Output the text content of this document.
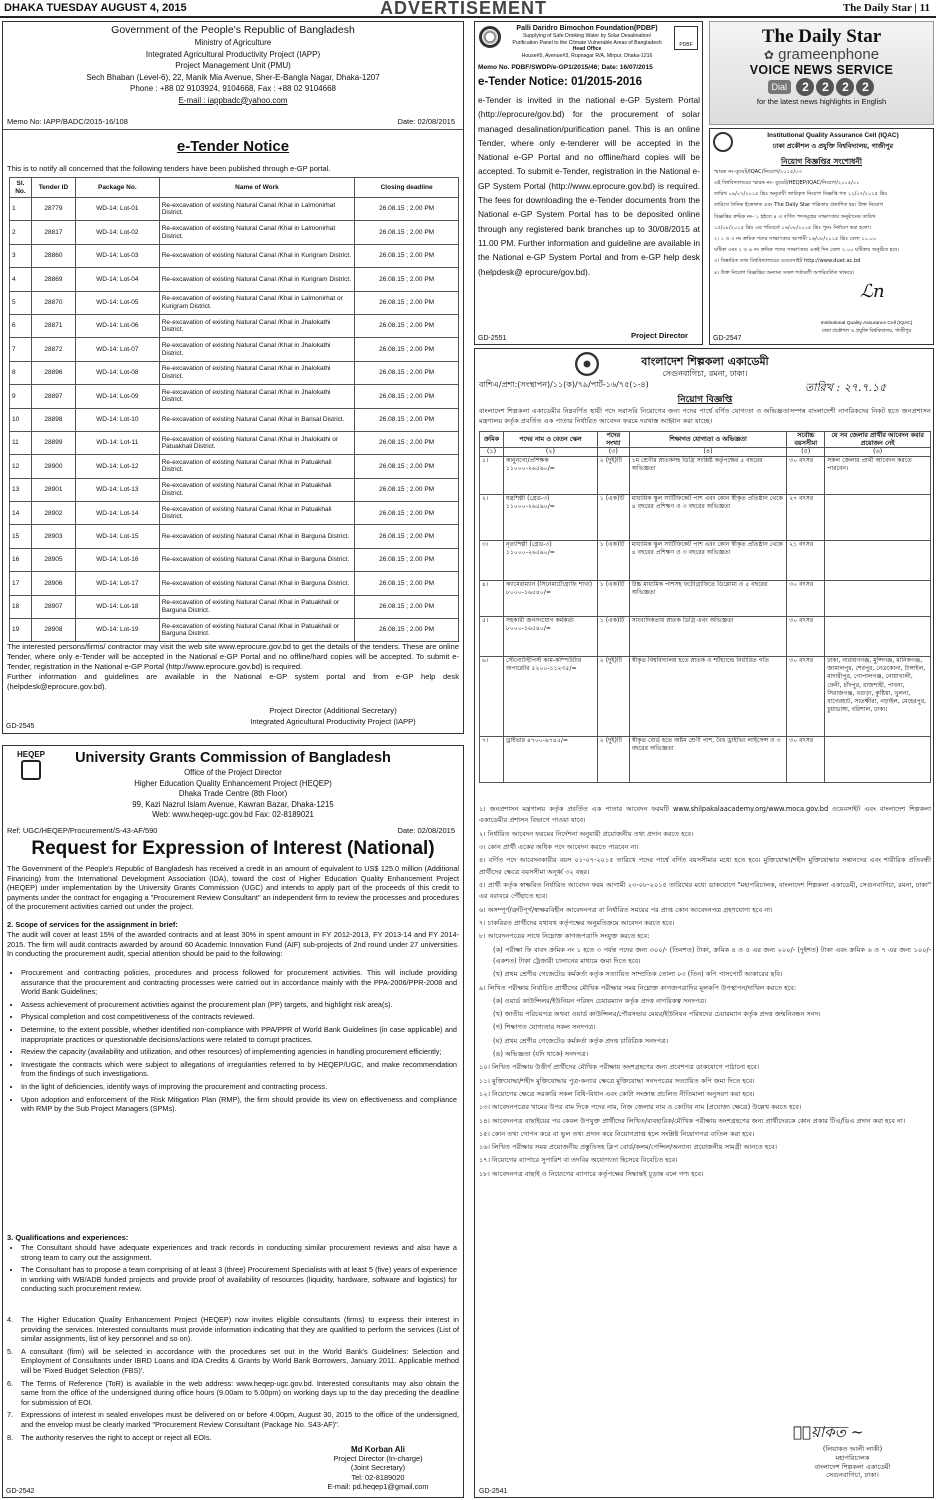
DHAKA TUESDAY AUGUST 4, 2015	ADVERTISEMENT	The Daily Star | 11
Government of the People's Republic of Bangladesh
Ministry of Agriculture
Integrated Agricultural Productivity Project (IAPP)
Project Management Unit (PMU)
Sech Bhaban (Level-6), 22, Manik Mia Avenue, Sher-E-Bangla Nagar, Dhaka-1207
Phone : +88 02 9103924, 9104668, Fax : +88 02 9104668
E-mail : iappbadc@yahoo.com
Memo No: IAPP/BADC/2015-16/108	Date: 02/08/2015
e-Tender Notice
This is to notify all concerned that the following tenders have been published through e-GP portal.
Sl. No.	Tender ID	Package No.	Name of Work	Closing deadline
1	28779	WD-14: Lot-01	Re-excavation of existing Natural Canal /Khal in Lalmonirhat District.	26.08.15 ; 2.00 PM
2	28817	WD-14: Lot-02	Re-excavation of existing Natural Canal /Khal in Lalmonirhat District.	26.08.15 ; 2.00 PM
3	28860	WD-14: Lot-03	Re-excavation of existing Natural Canal /Khal in Kurigram District.	26.08.15 ; 2.00 PM
4	28869	WD-14: Lot-04	Re-excavation of existing Natural Canal /Khal in Kurigram District.	26.08.15 ; 2.00 PM
5	28870	WD-14: Lot-05	Re-excavation of existing Natural Canal /Khal in Lalmonirhat or Kurigram District.	26.08.15 ; 2.00 PM
6	28871	WD-14: Lot-06	Re-excavation of existing Natural Canal /Khal in Jhalokathi District.	26.08.15 ; 2.00 PM
7	28872	WD-14: Lot-07	Re-excavation of existing Natural Canal /Khal in Jhalokathi District.	26.08.15 ; 2.00 PM
8	28896	WD-14: Lot-08	Re-excavation of existing Natural Canal /Khal in Jhalokathi District.	26.08.15 ; 2.00 PM
9	28897	WD-14: Lot-09	Re-excavation of existing Natural Canal /Khal in Jhalokathi District.	26.08.15 ; 2.00 PM
10	28898	WD-14: Lot-10	Re-excavation of existing Natural Canal /Khal in Barisal District.	26.08.15 ; 2.00 PM
11	28899	WD-14: Lot-11	Re-excavation of existing Natural Canal /Khal in Jhalokathi or Patuakhali District.	26.08.15 ; 2.00 PM
12	28900	WD-14: Lot-12	Re-excavation of existing Natural Canal /Khal in Patuakhali District.	26.08.15 ; 2.00 PM
13	28901	WD-14: Lot-13	Re-excavation of existing Natural Canal /Khal in Patuakhali District.	26.08.15 ; 2.00 PM
14	28902	WD-14: Lot-14	Re-excavation of existing Natural Canal /Khal in Patuakhali District.	26.08.15 ; 2.00 PM
15	28903	WD-14: Lot-15	Re-excavation of existing Natural Canal /Khal in Barguna District.	26.08.15 ; 2.00 PM
16	28905	WD-14: Lot-16	Re-excavation of existing Natural Canal /Khal in Barguna District.	26.08.15 ; 2.00 PM
17	28906	WD-14: Lot-17	Re-excavation of existing Natural Canal /Khal in Barguna District.	26.08.15 ; 2.00 PM
18	28907	WD-14: Lot-18	Re-excavation of existing Natural Canal /Khal in Patuakhali or Barguna District.	26.08.15 ; 2.00 PM
19	28908	WD-14: Lot-19	Re-excavation of existing Natural Canal /Khal in Patuakhali or Barguna District.	26.08.15 ; 2.00 PM
The interested persons/firms/ contractor may visit the web site www.eprocure.gov.bd to get the details of the tenders. These are online Tender, where only e-Tender will be accepted in the National e-GP Portal and no offline/hard copies will be accepted. To submit e-Tender, registration in the National e-GP Portal (http://www.eprocure.gov.bd) is required.
Further information and guidelines are available in the National e-GP system portal and from e-GP help desk (helpdesk@eprocure.gov.bd).
Project Director (Additional Secretary)
Integrated Agricultural Productivity Project (IAPP)
GD-2545
Palli Daridro Bimochon Foundation(PDBF)
Supplying of Safe Drinking Water by Solar Desalination/
Purification Panel to the Climate Vulnerable Areas of Bangladesh
Head Office
House#5, Avenue#3, Rupnagar R/A, Mirpur, Dhaka-1216
PDBF
Memo No. PDBF/SWDP/e-GP1/2015/46; Date: 16/07/2015
e-Tender Notice: 01/2015-2016
e-Tender is invited in the national e-GP System Portal (http://eprocure/gov.bd) for the procurement of solar managed desalination/purification panel. This is an online Tender, where only e-tenderer will be accepted in the National e-GP Portal and no offline/hard copies will be accepted. To submit e-Tender, registration in the National e-GP System Portal (http://www.eprocure.gov.bd) is required. The fees for downloading the e-Tender documents from the National e-GP System Portal has to be deposited online through any registered bank branches up to 30/08/2015 at 11.00 PM. Further information and guideline are available in the National e-GP System Portal and from e-GP help desk (helpdesk@ eprocure/gov.bd).
GD-2551	Project Director
The Daily Star
✿ grameenphone
VOICE NEWS SERVICE
Dial 2 2 2 2
for the latest news highlights in English
Institutional Quality Assurance Cell (IQAC)
ঢাকা প্রকৌশল ও প্রযুক্তি বিশ্ববিদ্যালয়, গাজীপুর
নিয়োগ বিজ্ঞপ্তির সংশোধনী
স্মারক নং-ডুয়েট/IQAC/নিয়োগ/২০১৫/০৩
এই বিশ্ববিদ্যালয়ের স্মারক নং- ডুয়েট/HEQEP/IQAC/নিয়োগ/২০১৫/০১
তারিখ ০৯/০৭/২০১৫ খ্রিঃ অনুযায়ী জারিকৃত নিয়োগ বিজ্ঞপ্তি গত ১২/০৭/২০১৫ খ্রিঃ
তারিখে দৈনিক ইত্তেফাক এবং The Daily Star পত্রিকায় প্রকাশিত হয়। উক্ত নিয়োগ
বিজ্ঞপ্তির ক্রমিক নং- ১ হইতে ৪ এ বর্ণিত পদসমূহের সাক্ষাৎকার অনুষ্ঠানের তারিখ
১৫/০৮/২০১৫ খ্রিঃ এর পরিবর্তে ১৬/০৮/২০১৫ খ্রিঃ পুনঃ নির্ধারণ করা হলো।
২। ১ ও ৩ নং ক্রমিক পদের সাক্ষাৎকার আগামী ১৬/০৮/২০১৫ খ্রিঃ বেলা ১০.০০
ঘটিকা এবং ২ ও ৪ নং ক্রমিক পদের সাক্ষাৎকার একই দিন বেলা ২.০০ ঘটিকায় অনুষ্ঠিত হবে।
৩। বিস্তারিত তথ্য বিশ্ববিদ্যালয়ের ওয়েবসাইট http://www.duet.ac.bd
৪। উক্ত নিয়োগ বিজ্ঞপ্তির অন্যান্য সকল শর্তাবলী অপরিবর্তিত থাকবে।
ℒn
Institutional Quality Assurance Cell (IQAC)
ঢাকা প্রকৌশল ও প্রযুক্তি বিশ্ববিদ্যালয়, গাজীপুর
GD-2547
বাংলাদেশ শিল্পকলা একাডেমী
সেগুনবাগিচা, রমনা, ঢাকা।
বাশিএ/প্রশা:(সংস্থাপন)/১১(ক)/৭৯/পার্ট-১৬/৭৫(১-৪)	তারিখ : ২৭.৭.১৫
নিয়োগ বিজ্ঞপ্তি
বাংলাদেশ শিল্পকলা একাডেমীর নিম্নবর্ণিত স্থায়ী পদে সরাসরি নিয়োগের জন্য পদের পার্শ্বে বর্ণিত যোগ্যতা ও অভিজ্ঞতাসম্পন্ন বাংলাদেশী নাগরিকদের নিকট হতে জনপ্রশাসন মন্ত্রণালয় কর্তৃক প্রবর্তিত এক পাতার নির্ধারিত আবেদন ফরমে দরখাস্ত আহ্বান করা যাচ্ছে।
ক্রমিক	পদের নাম ও বেতন স্কেল	পদের সংখ্যা	শিক্ষাগত যোগ্যতা ও অভিজ্ঞতা	সর্বোচ্চ বয়সসীমা	যে সব জেলার প্রার্থীর আবেদন করার প্রয়োজন নেই
(১)	(২)	(৩)	(৪)	(৫)	(৬)
১।	কানুনগো/প্রশিক্ষক ১১০০০-২৬৫৯০/=	২ (দুই)টি	১ম শ্রেণীর স্নাতকসহ ডিগ্রি সংশ্লিষ্ট কর্তৃপক্ষের ৫ বছরের অভিজ্ঞতা	৩০ বৎসর	সকল জেলার প্রার্থী আবেদন করতে পারবেন।
২।	যন্ত্রশিল্পী (গ্রেড-৩) ১১০০০-২৬৫৯০/=	১ (এক)টি	মাধ্যমিক স্কুল সার্টিফিকেট পাশ এবং কোন স্বীকৃত প্রতিষ্ঠান থেকে ৪ বছরের প্রশিক্ষণ ও ৩ বছরের অভিজ্ঞতা	২৭ বৎসর	
৩।	নৃত্যশিল্পী (গ্রেড-৩) ১১০০০-২৬৫৯০/=	১ (এক)টি	মাধ্যমিক স্কুল সার্টিফিকেট পাশ এবং কোন স্বীকৃত প্রতিষ্ঠান থেকে ৪ বছরের প্রশিক্ষণ ও ৩ বছরের অভিজ্ঞতা	২১ বৎসর	
৪।	ক্যামেরাম্যান (সিনেমাটোগ্রাফি শাখা) ৮০০০-১৬৫৪০/=	১ (এক)টি	উচ্চ মাধ্যমিক পাশসহ ফটোগ্রাফিতে ডিপ্লোমা ও ৫ বছরের অভিজ্ঞতা	৩০ বৎসর	
৫।	সহকারী জনসংযোগ কর্মকর্তা ৮০০০-১৬৫৪০/=	১ (এক)টি	সাংবাদিকতায় স্নাতক ডিগ্রি এবং অভিজ্ঞতা	৩০ বৎসর	
৬।	স্টেনোটাইপিস্ট কাম-কম্পিউটার অপারেটর ৫২০০-১১২৩৫/=	২ (দুই)টি	স্বীকৃত বিশ্ববিদ্যালয় হতে স্নাতক ও শর্টহ্যান্ডে নির্ধারিত গতি	৩০ বৎসর	ঢাকা, নারায়ণগঞ্জ, মুন্সিগঞ্জ, মানিকগঞ্জ, জামালপুর, শেরপুর, নেত্রকোনা, টাঙ্গাইল, মাদারীপুর, গোপালগঞ্জ, নোয়াখালী, ফেনী, চাঁদপুর, রাজশাহী, পাবনা, সিরাজগঞ্জ, বগুড়া, কুষ্টিয়া, খুলনা, বাগেরহাট, সাতক্ষীরা, নড়াইল, মেহেরপুর, চুয়াডাঙ্গা, বরিশাল, ঢাকা।
৭।	ড্রাইভার ৪৭০০-৯৭৪৫/=	২ (দুই)টি	স্বীকৃত বোর্ড হতে অষ্টম শ্রেণী পাশ, বৈধ ড্রাইভিং লাইসেন্স ও ৩ বছরের অভিজ্ঞতা	৩০ বৎসর	
১। জনপ্রশাসন মন্ত্রণালয় কর্তৃক প্রবর্তিত এক পাতার আবেদন ফরমটি www.shilpakalaacademy.org/www.moca.gov.bd ওয়েবসাইট এবং বাংলাদেশ শিল্পকলা একাডেমীর প্রশাসন বিভাগে পাওয়া যাবে।
২। নির্ধারিত আবেদন ফরমের নির্দেশনা অনুযায়ী প্রয়োজনীয় তথ্য প্রদান করতে হবে।
৩। কোন প্রার্থী একের অধিক পদে আবেদন করতে পারবেন না।
৪। বর্ণিত পদে আবেদনকারীর বয়স ০১-০৭-২০১৫ তারিখে পদের পার্শ্বে বর্ণিত বয়সসীমার মধ্যে হতে হবে। মুক্তিযোদ্ধা/শহীদ মুক্তিযোদ্ধার সন্তানদের এবং শারীরিক প্রতিবন্ধী প্রার্থীদের ক্ষেত্রে বয়সসীমা অনূর্ধ্ব ৩২ বছর।
৫। প্রার্থী কর্তৃক স্বাক্ষরিত নির্ধারিত আবেদন ফরম আগামী ২৩-০৮-২০১৫ তারিখের মধ্যে ডাকযোগে "মহাপরিচালক, বাংলাদেশ শিল্পকলা একাডেমী, সেগুনবাগিচা, রমনা, ঢাকা" এর বরাবরে পৌঁছাতে হবে।
৬। অসম্পূর্ণ/ত্রুটিপূর্ণ/স্বাক্ষরবিহীন আবেদনপত্র বা নির্ধারিত সময়ের পর প্রাপ্ত কোন আবেদনপত্র গ্রহণযোগ্য হবে না।
৭। চাকরিরত প্রার্থীদের যথাযথ কর্তৃপক্ষের অনুমতিক্রমে আবেদন করতে হবে।
৮। আবেদনপত্রের সাথে নিম্নোক্ত কাগজপত্রাদি সংযুক্ত করতে হবে:
(ক) পরীক্ষা ফি বাবদ ক্রমিক নং ১ হতে ৩ পর্যন্ত পদের জন্য ৩০০/- (তিনশত) টাকা, ক্রমিক ৪ ও ৫ এর জন্য ২০০/- (দুইশত) টাকা এবং ক্রমিক ৬ ও ৭ এর জন্য ১০০/- (একশত) টাকা ট্রেজারী চালানের মাধ্যমে জমা দিতে হবে।
(খ) প্রথম শ্রেণীর গেজেটেড কর্মকর্তা কর্তৃক সত্যায়িত সাম্প্রতিক তোলা ০৩ (তিন) কপি পাসপোর্ট আকারের ছবি।
৯। লিখিত পরীক্ষায় নির্বাচিত প্রার্থীদের মৌখিক পরীক্ষার সময় নিম্নোক্ত কাগজপত্রাদির মূলকপি উপস্থাপন/দাখিল করতে হবে:
(ক) ওয়ার্ড কাউন্সিলর/ইউনিয়ন পরিষদ চেয়ারম্যান কর্তৃক প্রদত্ত নাগরিকত্ব সনদপত্র।
(খ) জাতীয় পরিচয়পত্র অথবা ওয়ার্ড কাউন্সিলর/পৌরসভার মেয়র/ইউনিয়ন পরিষদের চেয়ারম্যান কর্তৃক প্রদত্ত জন্মনিবন্ধন সনদ।
(গ) শিক্ষাগত যোগ্যতার সকল সনদপত্র।
(ঘ) প্রথম শ্রেণীর গেজেটেড কর্মকর্তা কর্তৃক প্রদত্ত চারিত্রিক সনদপত্র।
(ঙ) অভিজ্ঞতা (যদি থাকে) সনদপত্র।
১০। লিখিত পরীক্ষায় উত্তীর্ণ প্রার্থীদের মৌখিক পরীক্ষায় অংশগ্রহণের জন্য প্রবেশপত্র ডাকযোগে পাঠানো হবে।
১১। মুক্তিযোদ্ধা/শহীদ মুক্তিযোদ্ধার পুত্র-কন্যার ক্ষেত্রে মুক্তিযোদ্ধা সনদপত্রের সত্যায়িত কপি জমা দিতে হবে।
১২। নিয়োগের ক্ষেত্রে সরকারি সকল বিধি-বিধান এবং কোটা সংক্রান্ত প্রচলিত নীতিমালা অনুসরণ করা হবে।
১৩। আবেদনপত্রের খামের উপর বাম দিকে পদের নাম, নিজ জেলার নাম ও কোটার নাম (প্রযোজ্য ক্ষেত্রে) উল্লেখ করতে হবে।
১৪। আবেদনপত্র বাছাইয়ের পর কেবল উপযুক্ত প্রার্থীদের লিখিত/ব্যবহারিক/মৌখিক পরীক্ষায় অংশগ্রহণের জন্য প্রার্থীদেরকে কোন প্রকার টিএ/ডিএ প্রদান করা হবে না।
১৫। কোন তথ্য গোপন করে বা ভুল তথ্য প্রদান করে নিয়োগপ্রাপ্ত হলে সংশ্লিষ্ট নিয়োগপত্র বাতিল করা হবে।
১৬। লিখিত পরীক্ষার সময় প্রয়োজনীয় প্রস্তুতিসহ ক্লিপ বোর্ড/কলম/পেন্সিল/অন্যান্য প্রয়োজনীয় সামগ্রী আনতে হবে।
১৭। নিয়োগের ব্যাপারে সুপারিশ বা তদবির অযোগ্যতা হিসেবে বিবেচিত হবে।
১৮। আবেদনপত্র বাছাই ও নিয়োগের ব্যাপারে কর্তৃপক্ষের সিদ্ধান্তই চূড়ান্ত বলে গণ্য হবে।
ℒিয়াকত ~
(লিয়াকত আলী লাকী)
মহাপরিচালক
বাংলাদেশ শিল্পকলা একাডেমী
সেগুনবাগিচা, ঢাকা।
GD-2541
HEQEP	University Grants Commission of Bangladesh
Office of the Project Director
Higher Education Quality Enhancement Project (HEQEP)
Dhaka Trade Centre (8th Floor)
99, Kazi Nazrul Islam Avenue, Kawran Bazar, Dhaka-1215
Web: www.heqep-ugc.gov.bd Fax: 02-8189021
Ref: UGC/HEQEP/Procurement/S-43-AF/590	Date: 02/08/2015
Request for Expression of Interest (National)
The Government of the People's Republic of Bangladesh has received a credit in an amount of equivalent to US$ 125.0 million (Additional Financing) from the International Development Association (IDA), toward the cost of Higher Education Quality Enhancement Project (HEQEP) under implementation by the University Grants Commission (UGC) and intends to apply part of the proceeds of this credit to payments under the contract for engaging a "Procurement Review Consultant" an independent firm to review the processes and procedures of the procurement activities carried out under the project.
2. Scope of services for the assignment in brief:
The audit will cover at least 15% of the awarded contracts and at least 30% in spent amount in FY 2012-2013, FY 2013-14 and FY 2014-2015. The firm will audit contracts awarded by around 60 Academic Innovation Fund (AIF) sub-projects of 2nd round under 27 universities. In conducting the procurement audit, special attention should be paid to the following:
• Procurement and contracting policies, procedures and process followed for procurement activities. This will include providing assurance that the procurement and contracting processes were carried out in accordance mainly with the PPA-2006/PPR-2008 and World Bank Guidelines;
• Assess achievement of procurement activities against the procurement plan (PP) targets, and highlight risk area(s).
• Physical completion and cost competitiveness of the contracts reviewed.
• Determine, to the extent possible, whether identified non-compliance with PPA/PPR of World Bank Guidelines (in case applicable) and inappropriate practices or questionable decisions/actions were related to corrupt practices.
• Review the capacity (availability and utilization, and other resources) of implementing agencies in handling procurement efficiently;
• Investigate the contracts which were subject to allegations of irregularities referred to by HEQEP/UGC, and make recommendation from the findings of such investigations.
• In the light of deficiencies, identify ways of improving the procurement and contracting process.
• Upon adoption and enforcement of the Risk Mitigation Plan (RMP), the firm should provide its view on effectiveness and compliance with RMP by the Sub Project Managers (SPMs).
3. Qualifications and experiences:
• The Consultant should have adequate experiences and track records in conducting similar procurement reviews and also have a strong team to carry out the assignment.
• The Consultant has to propose a team comprising of at least 3 (three) Procurement Specialists with at least 5 (five) years of experience in working with WB/ADB funded projects and provide proof of availability of resources (liquidity, hardware, software and logistics) for conducting such procurement review.
4.	The Higher Education Quality Enhancement Project (HEQEP) now invites eligible consultants (firms) to express their interest in providing the services. Interested consultants must provide information indicating that they are qualified to perform the services (List of similar assignments, list of key personnel and so on).
5.	A consultant (firm) will be selected in accordance with the procedures set out in the World Bank's Guidelines: Selection and Employment of Consultants under IBRD Loans and IDA Credits & Grants by World Bank Borrowers, January 2011. Applicable method will be 'Fixed Budget Selection (FBS)'.
6.	The Terms of Reference (ToR) is available in the web address: www.heqep-ugc.gov.bd. Interested consultants may also obtain the same from the office of the undersigned during office hours (9.00am to 5.00pm) on working days up to the day preceding the deadline for submission of EOI.
7.	Expressions of interest in sealed envelopes must be delivered on or before 4:00pm, August 30, 2015 to the office of the undersigned, and the envelop must be clearly marked "Procurement Review Consultant (Package No. S43-AF)".
8.	The authority reserves the right to accept or reject all EOIs.
Md Korban Ali
Project Director (In-charge)
(Joint Secretary)
Tel: 02-8189020
E-mail: pd.heqep1@gmail.com
GD-2542
